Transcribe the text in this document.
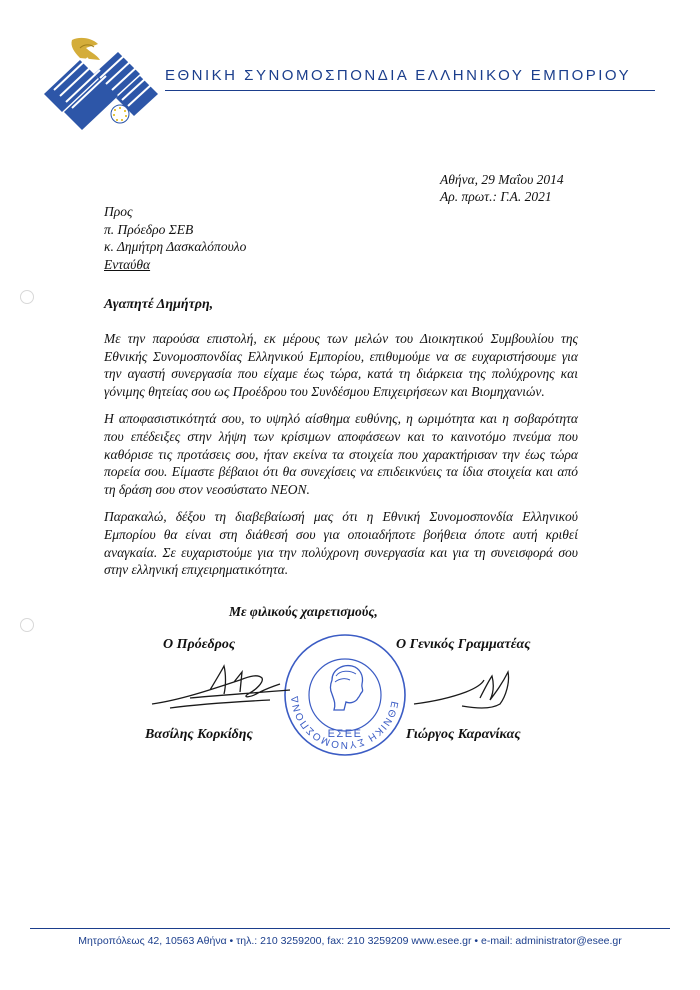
ΕΘΝΙΚΗ ΣΥΝΟΜΟΣΠΟΝΔΙΑ ΕΛΛΗΝΙΚΟΥ ΕΜΠΟΡΙΟΥ
Αθήνα, 29 Μαΐου 2014
Αρ. πρωτ.: Γ.Α. 2021
Προς
π. Πρόεδρο ΣΕΒ
κ. Δημήτρη Δασκαλόπουλο
Ενταύθα
Αγαπητέ Δημήτρη,

Με την παρούσα επιστολή, εκ μέρους των μελών του Διοικητικού Συμβουλίου της Εθνικής Συνομοσπονδίας Ελληνικού Εμπορίου, επιθυμούμε να σε ευχαριστήσουμε για την αγαστή συνεργασία που είχαμε έως τώρα, κατά τη διάρκεια της πολύχρονης και γόνιμης θητείας σου ως Προέδρου του Συνδέσμου Επιχειρήσεων και Βιομηχανιών.

Η αποφασιστικότητά σου, το υψηλό αίσθημα ευθύνης, η ωριμότητα και η σοβαρότητα που επέδειξες στην λήψη των κρίσιμων αποφάσεων και το καινοτόμο πνεύμα που καθόρισε τις προτάσεις σου, ήταν εκείνα τα στοιχεία που χαρακτήρισαν την έως τώρα πορεία σου. Είμαστε βέβαιοι ότι θα συνεχίσεις να επιδεικνύεις τα ίδια στοιχεία και από τη δράση σου στον νεοσύστατο ΝΕΟΝ.

Παρακαλώ, δέξου τη διαβεβαίωσή μας ότι η Εθνική Συνομοσπονδία Ελληνικού Εμπορίου θα είναι στη διάθεσή σου για οποιαδήποτε βοήθεια όποτε αυτή κριθεί αναγκαία. Σε ευχαριστούμε για την πολύχρονη συνεργασία και για τη συνεισφορά σου στην ελληνική επιχειρηματικότητα.

Με φιλικούς χαιρετισμούς,
Ο Πρόεδρος	Ο Γενικός Γραμματέας
ΕΘΝΙΚΗ ΣΥΝΟΜΟΣΠΟΝΔ
ΕΣΕΕ
Βασίλης Κορκίδης	Γιώργος Καρανίκας
Μητροπόλεως 42, 10563 Αθήνα • τηλ.: 210 3259200, fax: 210 3259209 www.esee.gr • e-mail: administrator@esee.gr
